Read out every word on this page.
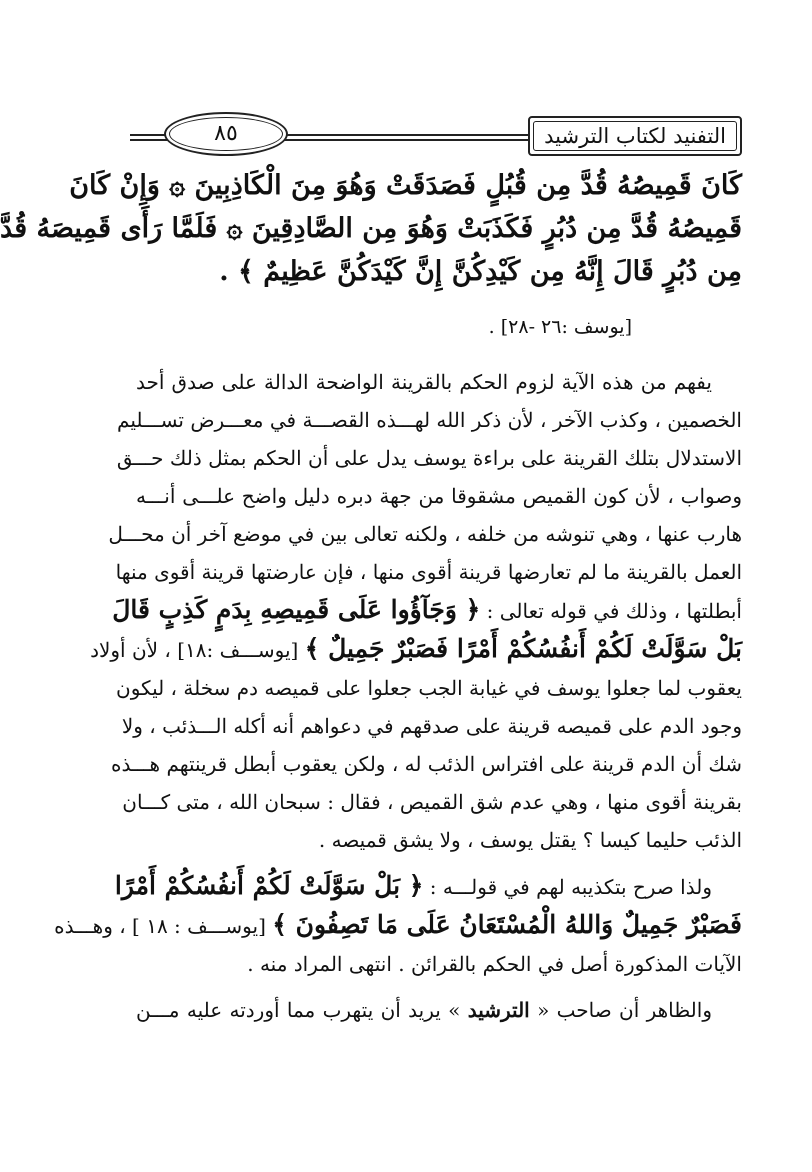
التفنيد لكتاب الترشيد
٨٥
كَانَ قَمِيصُهُ قُدَّ مِن قُبُلٍ فَصَدَقَتْ وَهُوَ مِنَ الْكَاذِبِينَ ۞ وَإِنْ كَانَ
قَمِيصُهُ قُدَّ مِن دُبُرٍ فَكَذَبَتْ وَهُوَ مِن الصَّادِقِينَ ۞ فَلَمَّا رَأَى قَمِيصَهُ قُدَّ
مِن دُبُرٍ قَالَ إِنَّهُ مِن كَيْدِكُنَّ إِنَّ كَيْدَكُنَّ عَظِيمٌ ﴾ .
[يوسف :٢٦ -٢٨] .
يفهم من هذه الآية لزوم الحكم بالقرينة الواضحة الدالة على صدق أحد
الخصمين ، وكذب الآخر ، لأن ذكر الله لهـــذه القصـــة في معـــرض تســـليم
الاستدلال بتلك القرينة على براءة يوسف يدل على أن الحكم بمثل ذلك حـــق
وصواب ، لأن كون القميص مشقوقا من جهة دبره دليل واضح علـــى أنـــه
هارب عنها ، وهي تنوشه من خلفه ، ولكنه تعالى بين في موضع آخر أن محـــل
العمل بالقرينة ما لم تعارضها قرينة أقوى منها ، فإن عارضتها قرينة أقوى منها
أبطلتها ، وذلك في قوله تعالى : ﴿ وَجَآؤُوا عَلَى قَمِيصِهِ بِدَمٍ كَذِبٍ قَالَ
بَلْ سَوَّلَتْ لَكُمْ أَنفُسُكُمْ أَمْرًا فَصَبْرٌ جَمِيلٌ ﴾ [يوســـف :١٨] ، لأن أولاد
يعقوب لما جعلوا يوسف في غيابة الجب جعلوا على قميصه دم سخلة ، ليكون
وجود الدم على قميصه قرينة على صدقهم في دعواهم أنه أكله الـــذئب ، ولا
شك أن الدم قرينة على افتراس الذئب له ، ولكن يعقوب أبطل قرينتهم هـــذه
بقرينة أقوى منها ، وهي عدم شق القميص ، فقال : سبحان الله ، متى كـــان
الذئب حليما كيسا ؟ يقتل يوسف ، ولا يشق قميصه .
ولذا صرح بتكذيبه لهم في قولـــه : ﴿ بَلْ سَوَّلَتْ لَكُمْ أَنفُسُكُمْ أَمْرًا
فَصَبْرٌ جَمِيلٌ وَاللهُ الْمُسْتَعَانُ عَلَى مَا تَصِفُونَ ﴾ [يوســـف : ١٨ ] ، وهـــذه
الآيات المذكورة أصل في الحكم بالقرائن . انتهى المراد منه .
والظاهر أن صاحب « الترشيد » يريد أن يتهرب مما أوردته عليه مـــن
